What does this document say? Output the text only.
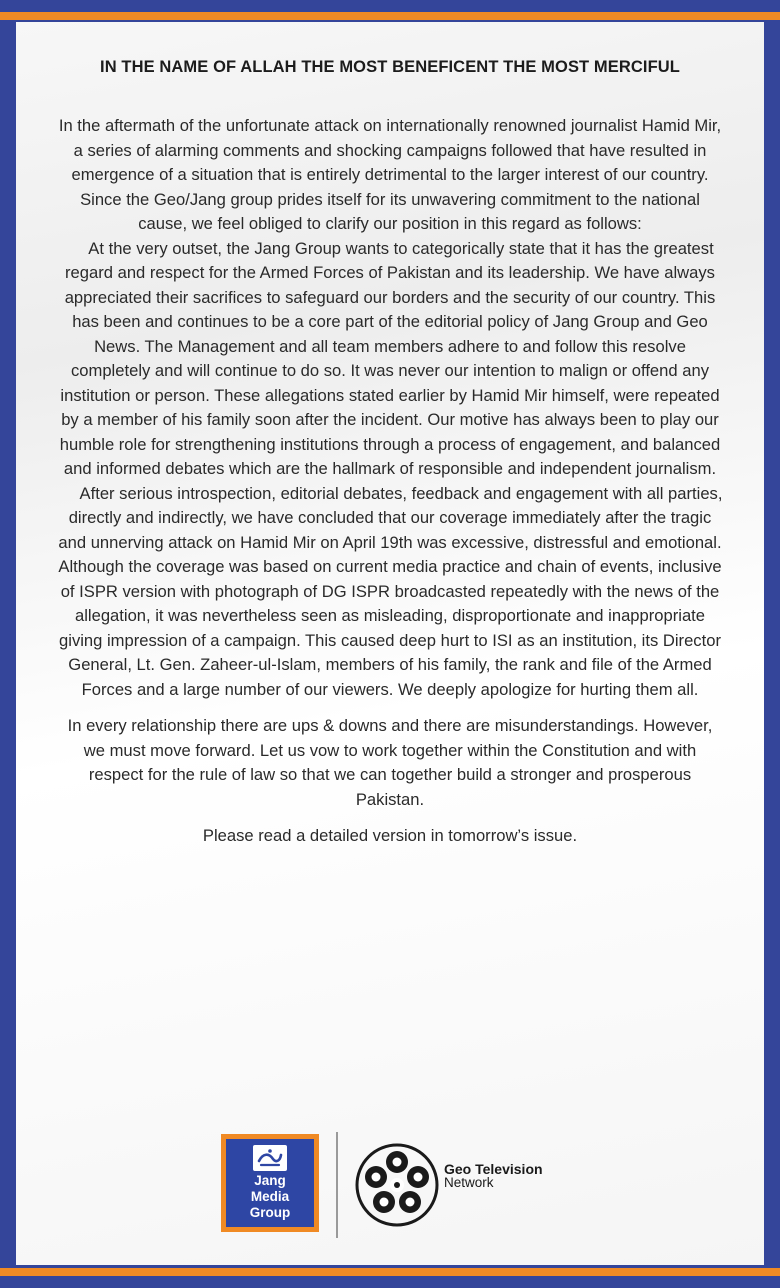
IN THE NAME OF ALLAH THE MOST BENEFICENT THE MOST MERCIFUL

In the aftermath of the unfortunate attack on internationally renowned journalist Hamid Mir, a series of alarming comments and shocking campaigns followed that have resulted in emergence of a situation that is entirely detrimental to the larger interest of our country. Since the Geo/Jang group prides itself for its unwavering commitment to the national cause, we feel obliged to clarify our position in this regard as follows:

At the very outset, the Jang Group wants to categorically state that it has the greatest regard and respect for the Armed Forces of Pakistan and its leadership. We have always appreciated their sacrifices to safeguard our borders and the security of our country. This has been and continues to be a core part of the editorial policy of Jang Group and Geo News. The Management and all team members adhere to and follow this resolve completely and will continue to do so. It was never our intention to malign or offend any institution or person. These allegations stated earlier by Hamid Mir himself, were repeated by a member of his family soon after the incident. Our motive has always been to play our humble role for strengthening institutions through a process of engagement, and balanced and informed debates which are the hallmark of responsible and independent journalism.

After serious introspection, editorial debates, feedback and engagement with all parties, directly and indirectly, we have concluded that our coverage immediately after the tragic and unnerving attack on Hamid Mir on April 19th was excessive, distressful and emotional. Although the coverage was based on current media practice and chain of events, inclusive of ISPR version with photograph of DG ISPR broadcasted repeatedly with the news of the allegation, it was nevertheless seen as misleading, disproportionate and inappropriate giving impression of a campaign. This caused deep hurt to ISI as an institution, its Director General, Lt. Gen. Zaheer-ul-Islam, members of his family, the rank and file of the Armed Forces and a large number of our viewers. We deeply apologize for hurting them all.

In every relationship there are ups & downs and there are misunderstandings. However, we must move forward. Let us vow to work together within the Constitution and with respect for the rule of law so that we can together build a stronger and prosperous Pakistan.

Please read a detailed version in tomorrow’s issue.

Jang
Media
Group
Geo Television
Network
